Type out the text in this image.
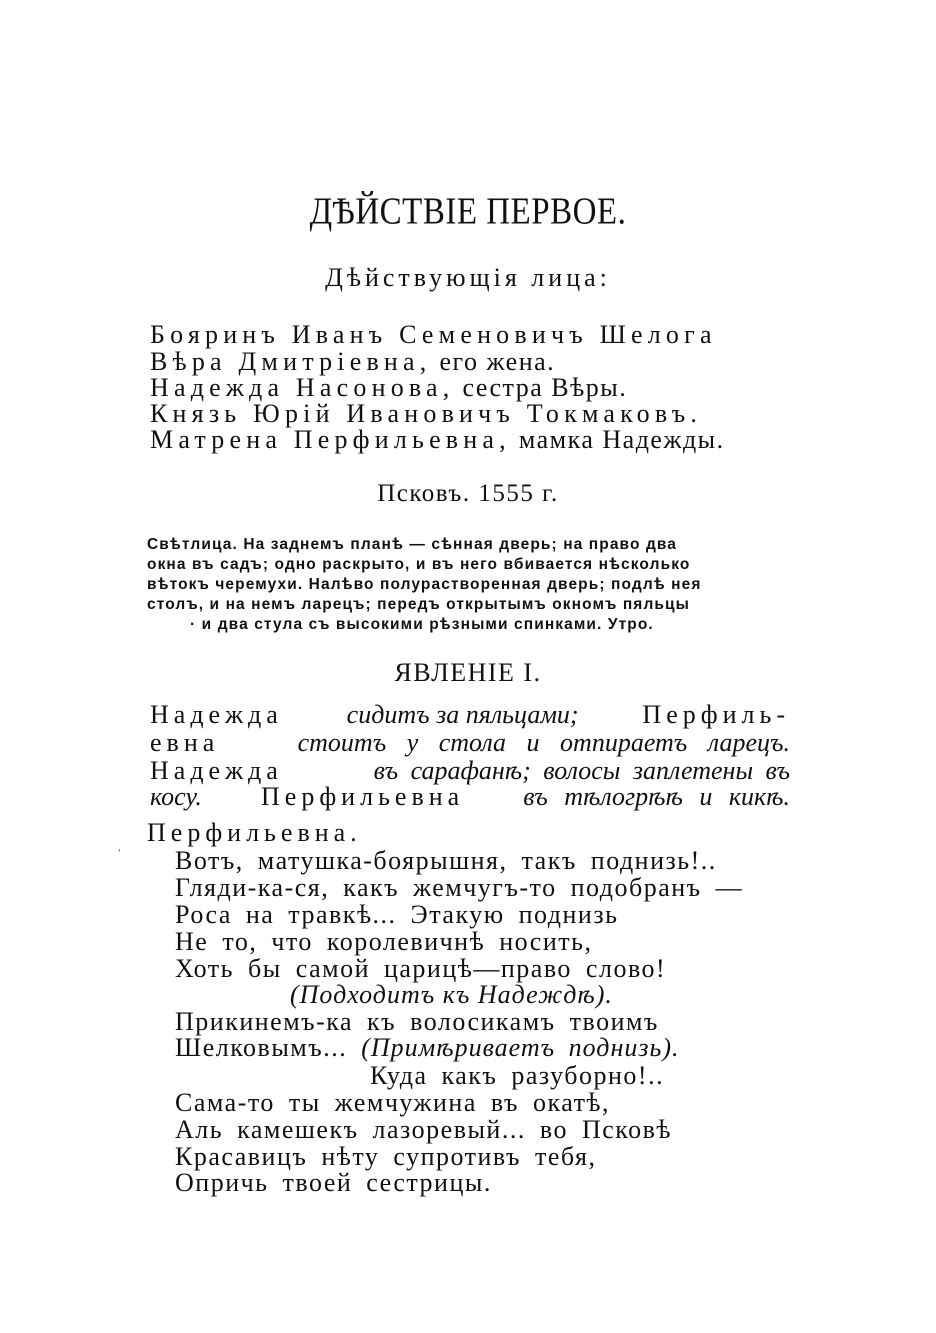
ДѢЙСТВІЕ ПЕРВОЕ.
Дѣйствующія лица:
Бояринъ Иванъ Семеновичъ Шелога
Вѣра Дмитріевна, его жена.
Надежда Насонова, сестра Вѣры.
Князь Юрій Ивановичъ Токмаковъ.
Матрена Перфильевна, мамка Надежды.
Псковъ. 1555 г.
Свѣтлица. На заднемъ планѣ — сѣнная дверь; на право два
окна въ садъ; одно раскрыто, и въ него вбивается нѣсколько
вѣтокъ черемухи. Налѣво полурастворенная дверь; подлѣ нея
столъ, и на немъ ларецъ; передъ открытымъ окномъ пяльцы
· и два стула съ высокими рѣзными спинками. Утро.
ЯВЛЕНІЕ I.
Надежда сидитъ за пяльцами; Перфиль-
евна	стоитъ у стола и отпираетъ ларецъ.
Надежда	въ сарафанѣ; волосы заплетены въ
косу. Перфильевна въ тѣлогрѣѣ и кикѣ.
ʾ
Перфильевна.
Вотъ, матушка-боярышня, такъ поднизь!..
Гляди-ка-ся, какъ жемчугъ-то подобранъ —
Роса на травкѣ... Этакую поднизь
Не то, что королевичнѣ носить,
Хоть бы самой царицѣ—право слово!
(Подходитъ къ Надеждѣ).
Прикинемъ-ка къ волосикамъ твоимъ
Шелковымъ... (Примѣриваетъ поднизь).
Куда какъ разуборно!..
Сама-то ты жемчужина въ окатѣ,
Аль камешекъ лазоревый... во Псковѣ
Красавицъ нѣту супротивъ тебя,
Опричь твоей сестрицы.
